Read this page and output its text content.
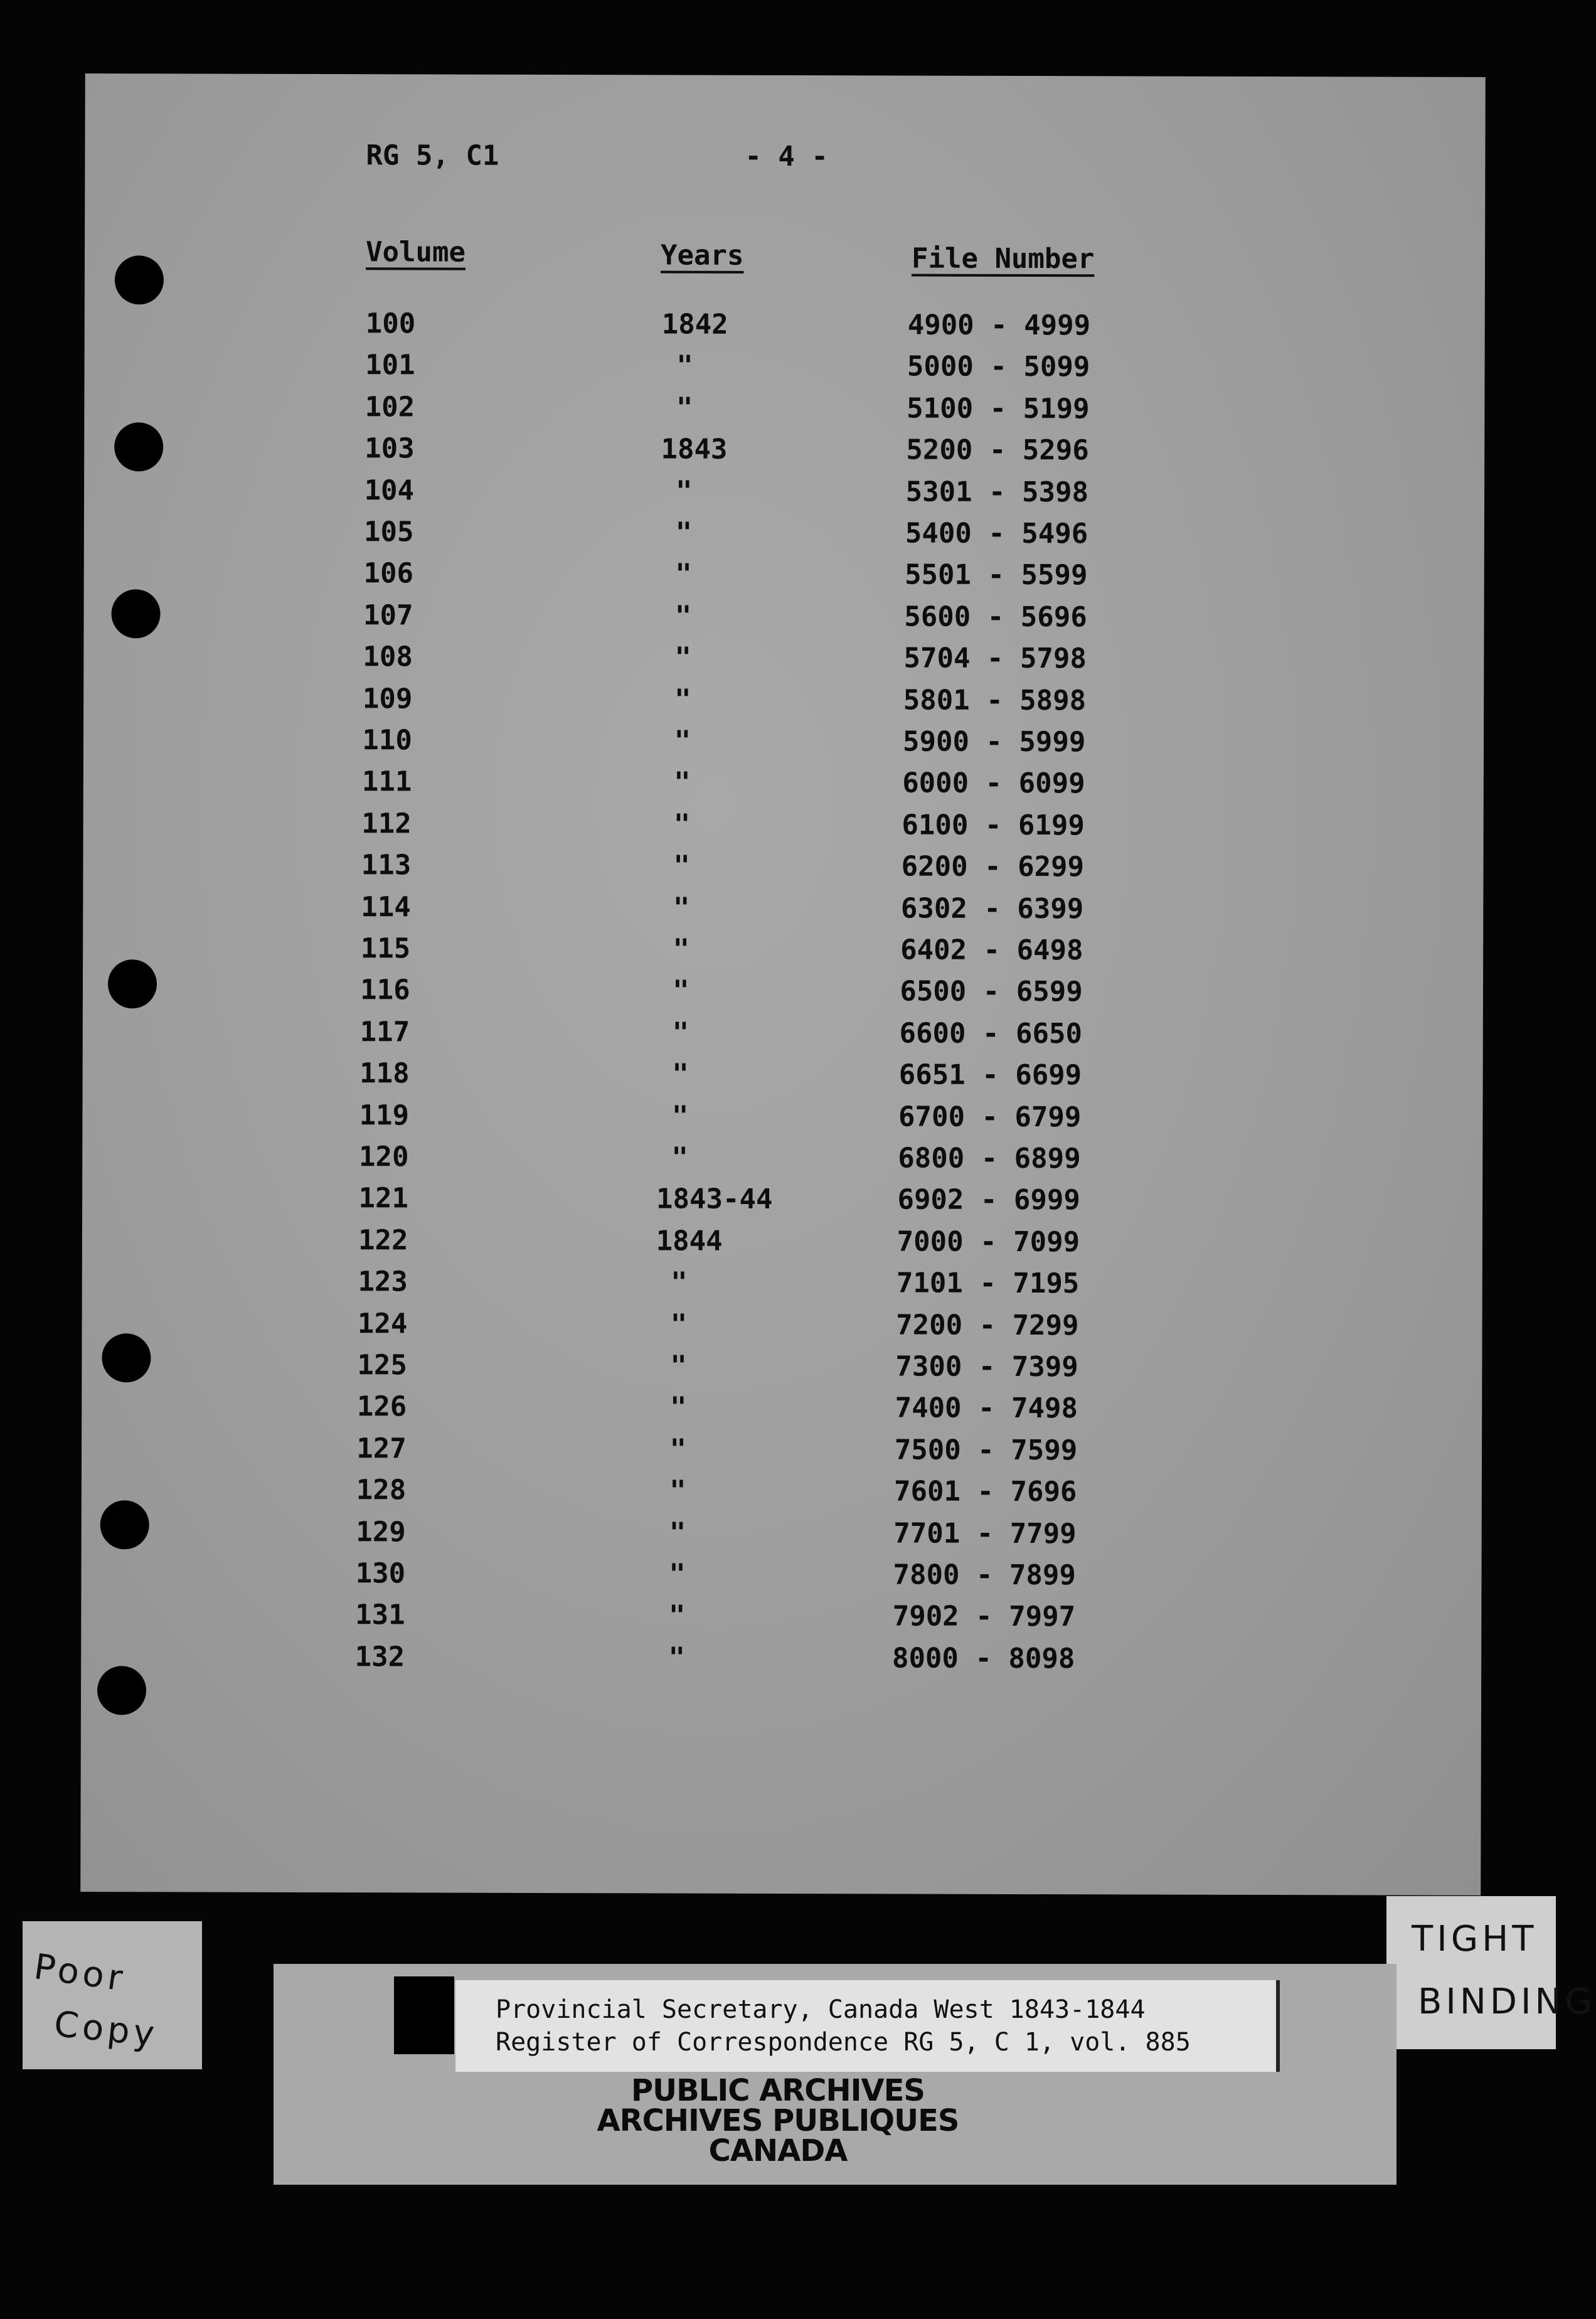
RG 5, C1	- 4 -
Volume	Years	File Number
100	1842	4900 - 4999
101	"	5000 - 5099
102	"	5100 - 5199
103	1843	5200 - 5296
104	"	5301 - 5398
105	"	5400 - 5496
106	"	5501 - 5599
107	"	5600 - 5696
108	"	5704 - 5798
109	"	5801 - 5898
110	"	5900 - 5999
111	"	6000 - 6099
112	"	6100 - 6199
113	"	6200 - 6299
114	"	6302 - 6399
115	"	6402 - 6498
116	"	6500 - 6599
117	"	6600 - 6650
118	"	6651 - 6699
119	"	6700 - 6799
120	"	6800 - 6899
121	1843-44	6902 - 6999
122	1844	7000 - 7099
123	"	7101 - 7195
124	"	7200 - 7299
125	"	7300 - 7399
126	"	7400 - 7498
127	"	7500 - 7599
128	"	7601 - 7696
129	"	7701 - 7799
130	"	7800 - 7899
131	"	7902 - 7997
132	"	8000 - 8098
Poor
Copy
TIGHT
BINDING
Provincial Secretary, Canada West 1843-1844
Register of Correspondence RG 5, C 1, vol. 885
PUBLIC ARCHIVES
ARCHIVES PUBLIQUES
CANADA
